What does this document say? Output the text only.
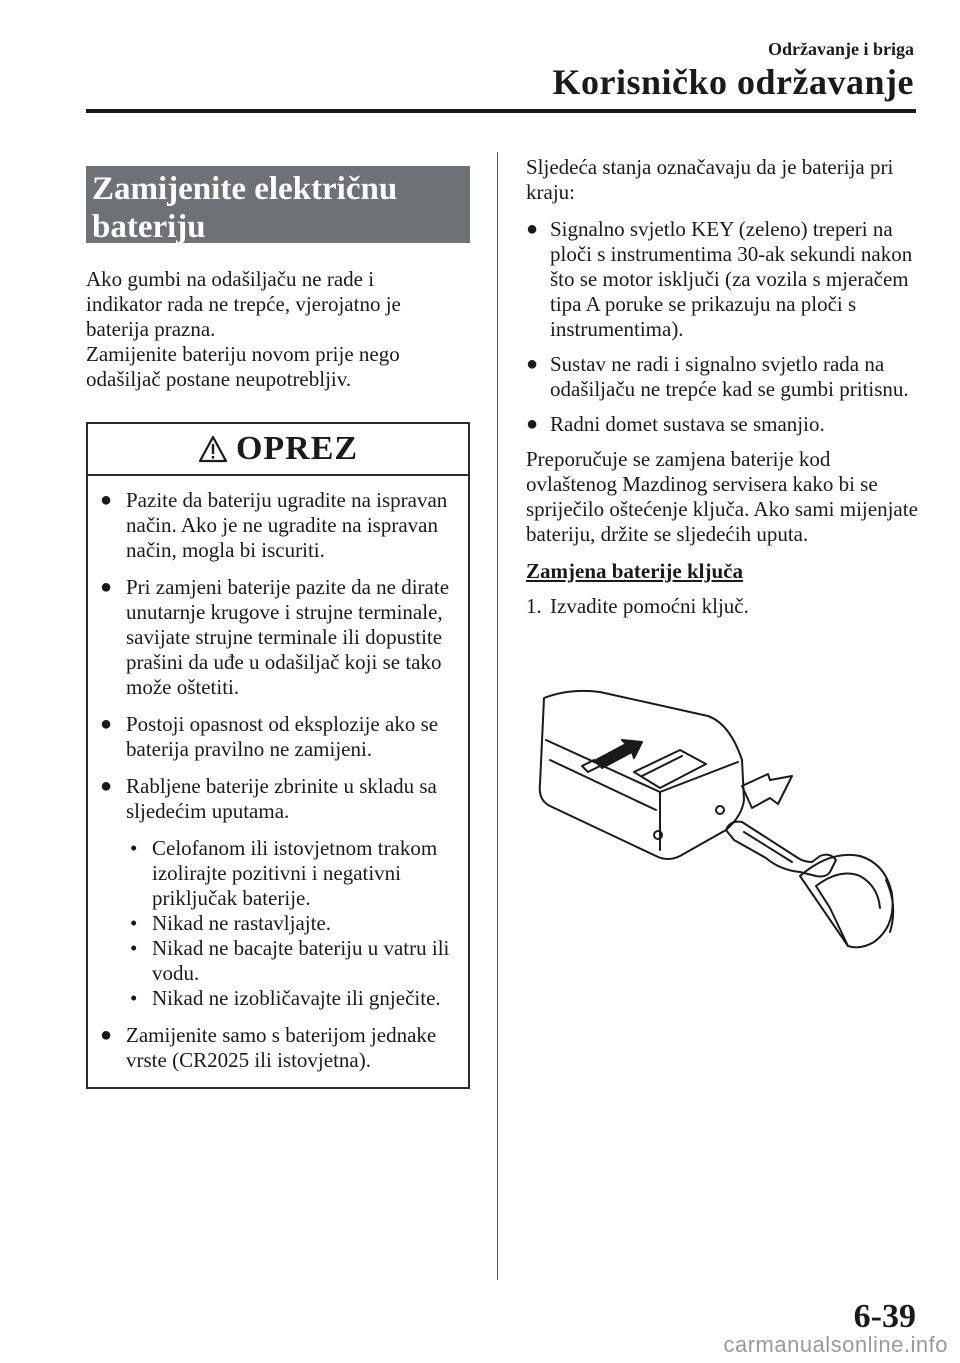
Održavanje i briga
Korisničko održavanje
Zamijenite električnu
bateriju

Ako gumbi na odašiljaču ne rade i

indikator rada ne trepće, vjerojatno je

baterija prazna.

Zamijenite bateriju novom prije nego

odašiljač postane neupotrebljiv.

OPREZ
● Pazite da bateriju ugradite na ispravan način. Ako je ne ugradite na ispravan način, mogla bi iscuriti.
● Pri zamjeni baterije pazite da ne dirate unutarnje krugove i strujne terminale, savijate strujne terminale ili dopustite prašini da uđe u odašiljač koji se tako može oštetiti.
● Postoji opasnost od eksplozije ako se baterija pravilno ne zamijeni.
● Rabljene baterije zbrinite u skladu sa sljedećim uputama.
• Celofanom ili istovjetnom trakom izolirajte pozitivni i negativni priključak baterije.
• Nikad ne rastavljajte.
• Nikad ne bacajte bateriju u vatru ili vodu.
• Nikad ne izobličavajte ili gnječite.
● Zamijenite samo s baterijom jednake vrste (CR2025 ili istovjetna).

Sljedeća stanja označavaju da je baterija pri kraju:

● Signalno svjetlo KEY (zeleno) treperi na ploči s instrumentima 30-ak sekundi nakon što se motor isključi (za vozila s mjeračem tipa A poruke se prikazuju na ploči s instrumentima).
● Sustav ne radi i signalno svjetlo rada na odašiljaču ne trepće kad se gumbi pritisnu.
● Radni domet sustava se smanjio.

Preporučuje se zamjena baterije kod ovlaštenog Mazdinog servisera kako bi se spriječilo oštećenje ključa. Ako sami mijenjate bateriju, držite se sljedećih uputa.

Zamjena baterije ključa
1. Izvadite pomoćni ključ.
6-39
carmanualsonline.info
